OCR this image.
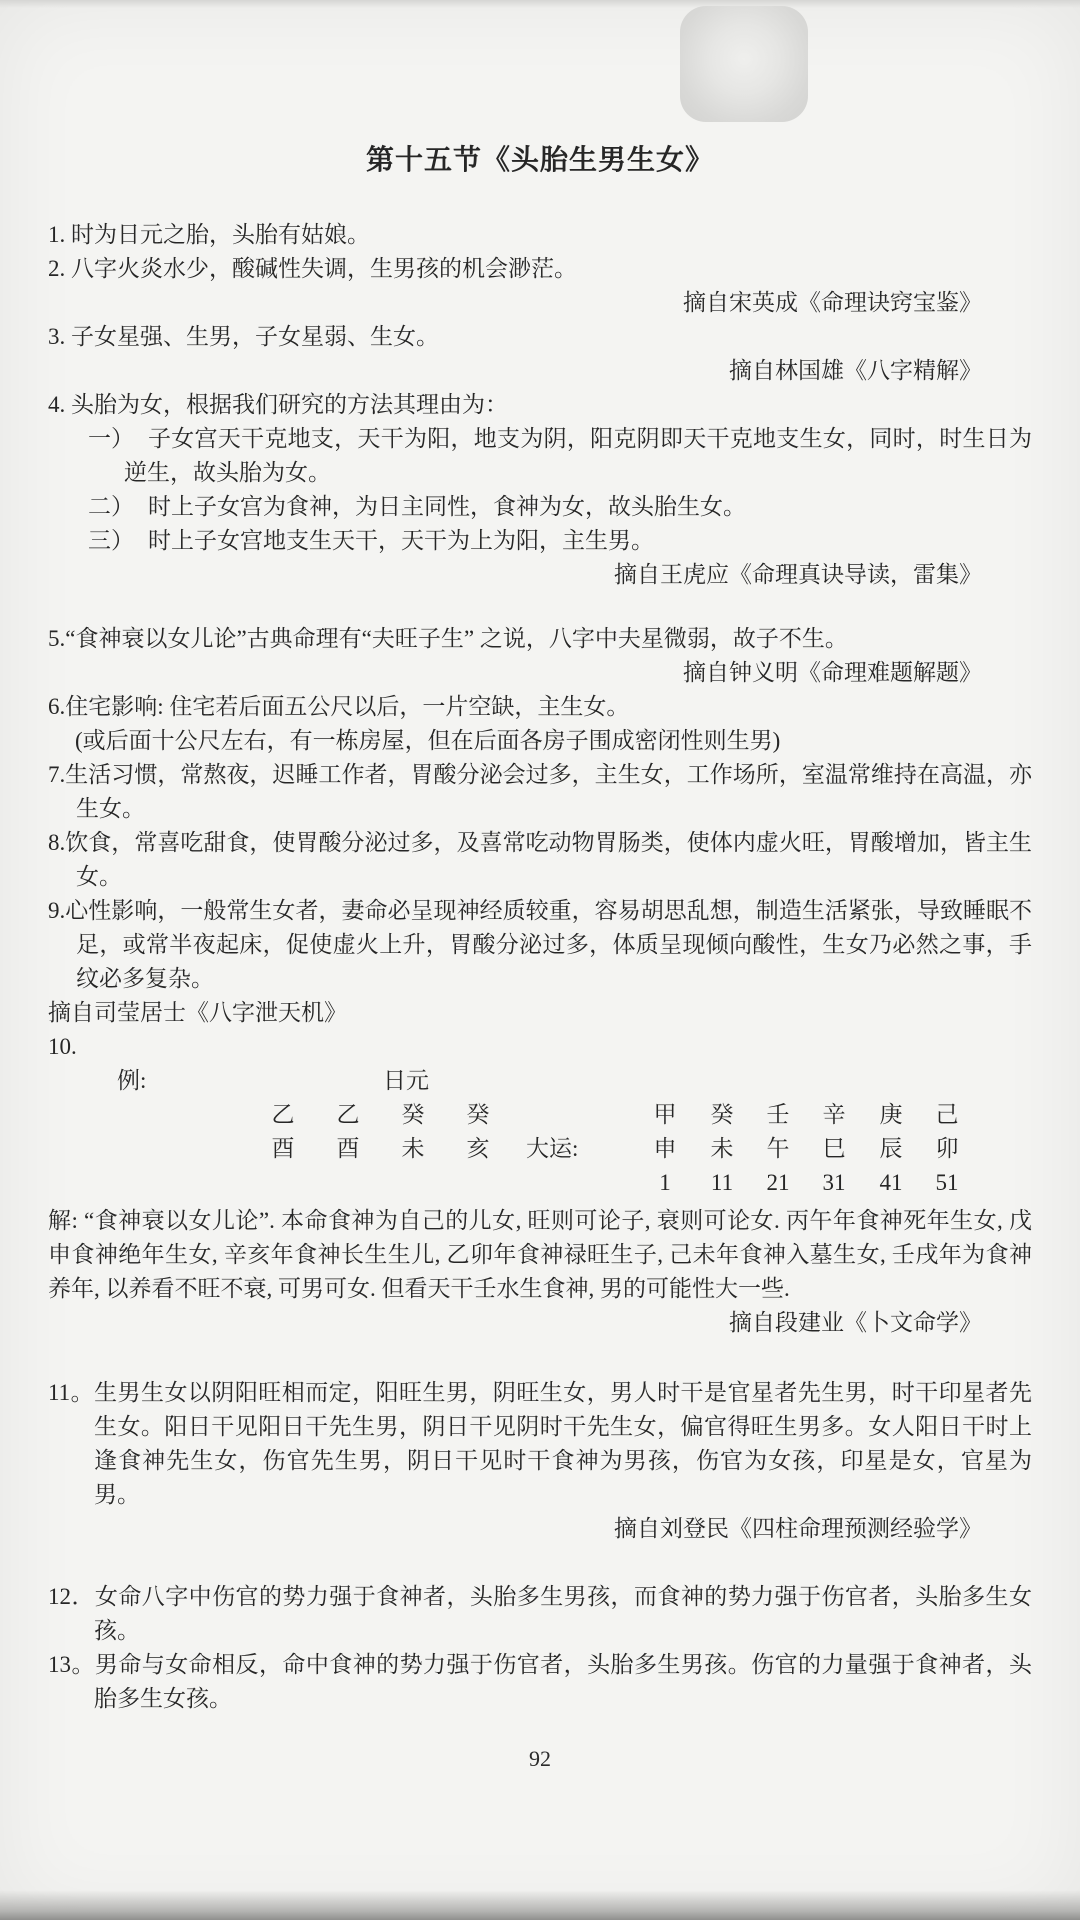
第十五节《头胎生男生女》

1. 时为日元之胎，头胎有姑娘。

2. 八字火炎水少，酸碱性失调，生男孩的机会渺茫。

摘自宋英成《命理诀窍宝鉴》

3. 子女星强、生男，子女星弱、生女。

摘自林国雄《八字精解》

4. 头胎为女，根据我们研究的方法其理由为：

一） 子女宫天干克地支，天干为阳，地支为阴，阳克阴即天干克地支生女，同时，时生日为逆生，故头胎为女。
二） 时上子女宫为食神，为日主同性，食神为女，故头胎生女。
三） 时上子女宫地支生天干，天干为上为阳，主生男。

摘自王虎应《命理真诀导读，雷集》

5.“食神衰以女儿论”古典命理有“夫旺子生” 之说，八字中夫星微弱，故子不生。

摘自钟义明《命理难题解题》

6.住宅影响: 住宅若后面五公尺以后，一片空缺，主生女。

(或后面十公尺左右，有一栋房屋，但在后面各房子围成密闭性则生男)

7.生活习惯，常熬夜，迟睡工作者，胃酸分泌会过多，主生女，工作场所，室温常维持在高温，亦生女。

8.饮食，常喜吃甜食，使胃酸分泌过多，及喜常吃动物胃肠类，使体内虚火旺，胃酸增加，皆主生女。

9.心性影响，一般常生女者，妻命必呈现神经质较重，容易胡思乱想，制造生活紧张，导致睡眠不足，或常半夜起床，促使虚火上升，胃酸分泌过多，体质呈现倾向酸性，生女乃必然之事，手纹必多复杂。

摘自司莹居士《八字泄天机》

10.

例:	日元
乙 乙 癸 癸	甲 癸 壬 辛 庚 己
酉 酉 未 亥 大运:	申 未 午 巳 辰 卯
1 11 21 31 41 51

解: “食神衰以女儿论”. 本命食神为自己的儿女, 旺则可论子, 衰则可论女. 丙午年食神死年生女, 戊申食神绝年生女, 辛亥年食神长生生儿, 乙卯年食神禄旺生子, 己未年食神入墓生女, 壬戌年为食神养年, 以养看不旺不衰, 可男可女. 但看天干壬水生食神, 男的可能性大一些.

摘自段建业《卜文命学》

11。生男生女以阴阳旺相而定，阳旺生男，阴旺生女，男人时干是官星者先生男，时干印星者先生女。阳日干见阳日干先生男，阴日干见阴时干先生女，偏官得旺生男多。女人阳日干时上逢食神先生女，伤官先生男，阴日干见时干食神为男孩，伤官为女孩，印星是女，官星为男。

摘自刘登民《四柱命理预测经验学》

12．女命八字中伤官的势力强于食神者，头胎多生男孩，而食神的势力强于伤官者，头胎多生女孩。

13。男命与女命相反，命中食神的势力强于伤官者，头胎多生男孩。伤官的力量强于食神者，头胎多生女孩。

92
